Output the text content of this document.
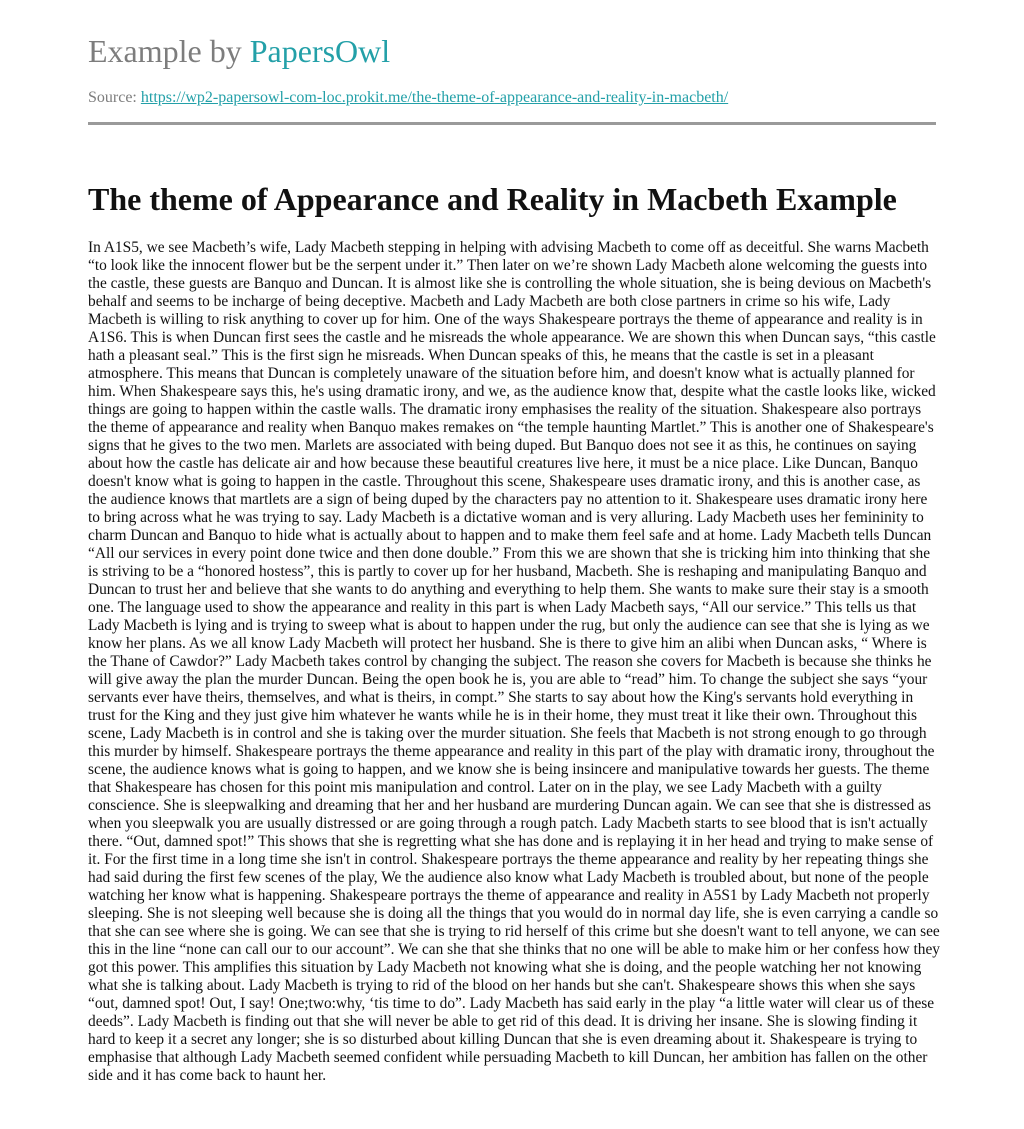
Example by PapersOwl
Source: https://wp2-papersowl-com-loc.prokit.me/the-theme-of-appearance-and-reality-in-macbeth/
The theme of Appearance and Reality in Macbeth Example

In A1S5, we see Macbeth’s wife, Lady Macbeth stepping in helping with advising Macbeth to come off as deceitful. She warns Macbeth “to look like the innocent flower but be the serpent under it.” Then later on we’re shown Lady Macbeth alone welcoming the guests into the castle, these guests are Banquo and Duncan. It is almost like she is controlling the whole situation, she is being devious on Macbeth's behalf and seems to be incharge of being deceptive. Macbeth and Lady Macbeth are both close partners in crime so his wife, Lady Macbeth is willing to risk anything to cover up for him. One of the ways Shakespeare portrays the theme of appearance and reality is in A1S6. This is when Duncan first sees the castle and he misreads the whole appearance. We are shown this when Duncan says, “this castle hath a pleasant seal.” This is the first sign he misreads. When Duncan speaks of this, he means that the castle is set in a pleasant atmosphere. This means that Duncan is completely unaware of the situation before him, and doesn't know what is actually planned for him. When Shakespeare says this, he's using dramatic irony, and we, as the audience know that, despite what the castle looks like, wicked things are going to happen within the castle walls. The dramatic irony emphasises the reality of the situation. Shakespeare also portrays the theme of appearance and reality when Banquo makes remakes on “the temple haunting Martlet.” This is another one of Shakespeare's signs that he gives to the two men. Marlets are associated with being duped. But Banquo does not see it as this, he continues on saying about how the castle has delicate air and how because these beautiful creatures live here, it must be a nice place. Like Duncan, Banquo doesn't know what is going to happen in the castle. Throughout this scene, Shakespeare uses dramatic irony, and this is another case, as the audience knows that martlets are a sign of being duped by the characters pay no attention to it. Shakespeare uses dramatic irony here to bring across what he was trying to say. Lady Macbeth is a dictative woman and is very alluring. Lady Macbeth uses her femininity to charm Duncan and Banquo to hide what is actually about to happen and to make them feel safe and at home. Lady Macbeth tells Duncan “All our services in every point done twice and then done double.” From this we are shown that she is tricking him into thinking that she is striving to be a “honored hostess”, this is partly to cover up for her husband, Macbeth. She is reshaping and manipulating Banquo and Duncan to trust her and believe that she wants to do anything and everything to help them. She wants to make sure their stay is a smooth one. The language used to show the appearance and reality in this part is when Lady Macbeth says, “All our service.” This tells us that Lady Macbeth is lying and is trying to sweep what is about to happen under the rug, but only the audience can see that she is lying as we know her plans. As we all know Lady Macbeth will protect her husband. She is there to give him an alibi when Duncan asks, “ Where is the Thane of Cawdor?” Lady Macbeth takes control by changing the subject. The reason she covers for Macbeth is because she thinks he will give away the plan the murder Duncan. Being the open book he is, you are able to “read” him. To change the subject she says “your servants ever have theirs, themselves, and what is theirs, in compt.” She starts to say about how the King's servants hold everything in trust for the King and they just give him whatever he wants while he is in their home, they must treat it like their own. Throughout this scene, Lady Macbeth is in control and she is taking over the murder situation. She feels that Macbeth is not strong enough to go through this murder by himself. Shakespeare portrays the theme appearance and reality in this part of the play with dramatic irony, throughout the scene, the audience knows what is going to happen, and we know she is being insincere and manipulative towards her guests. The theme that Shakespeare has chosen for this point mis manipulation and control. Later on in the play, we see Lady Macbeth with a guilty conscience. She is sleepwalking and dreaming that her and her husband are murdering Duncan again. We can see that she is distressed as when you sleepwalk you are usually distressed or are going through a rough patch. Lady Macbeth starts to see blood that is isn't actually there. “Out, damned spot!” This shows that she is regretting what she has done and is replaying it in her head and trying to make sense of it. For the first time in a long time she isn't in control. Shakespeare portrays the theme appearance and reality by her repeating things she had said during the first few scenes of the play, We the audience also know what Lady Macbeth is troubled about, but none of the people watching her know what is happening. Shakespeare portrays the theme of appearance and reality in A5S1 by Lady Macbeth not properly sleeping. She is not sleeping well because she is doing all the things that you would do in normal day life, she is even carrying a candle so that she can see where she is going. We can see that she is trying to rid herself of this crime but she doesn't want to tell anyone, we can see this in the line “none can call our to our account”. We can she that she thinks that no one will be able to make him or her confess how they got this power. This amplifies this situation by Lady Macbeth not knowing what she is doing, and the people watching her not knowing what she is talking about. Lady Macbeth is trying to rid of the blood on her hands but she can't. Shakespeare shows this when she says “out, damned spot! Out, I say! One;two:why, ‘tis time to do”. Lady Macbeth has said early in the play “a little water will clear us of these deeds”. Lady Macbeth is finding out that she will never be able to get rid of this dead. It is driving her insane. She is slowing finding it hard to keep it a secret any longer; she is so disturbed about killing Duncan that she is even dreaming about it. Shakespeare is trying to emphasise that although Lady Macbeth seemed confident while persuading Macbeth to kill Duncan, her ambition has fallen on the other side and it has come back to haunt her.
